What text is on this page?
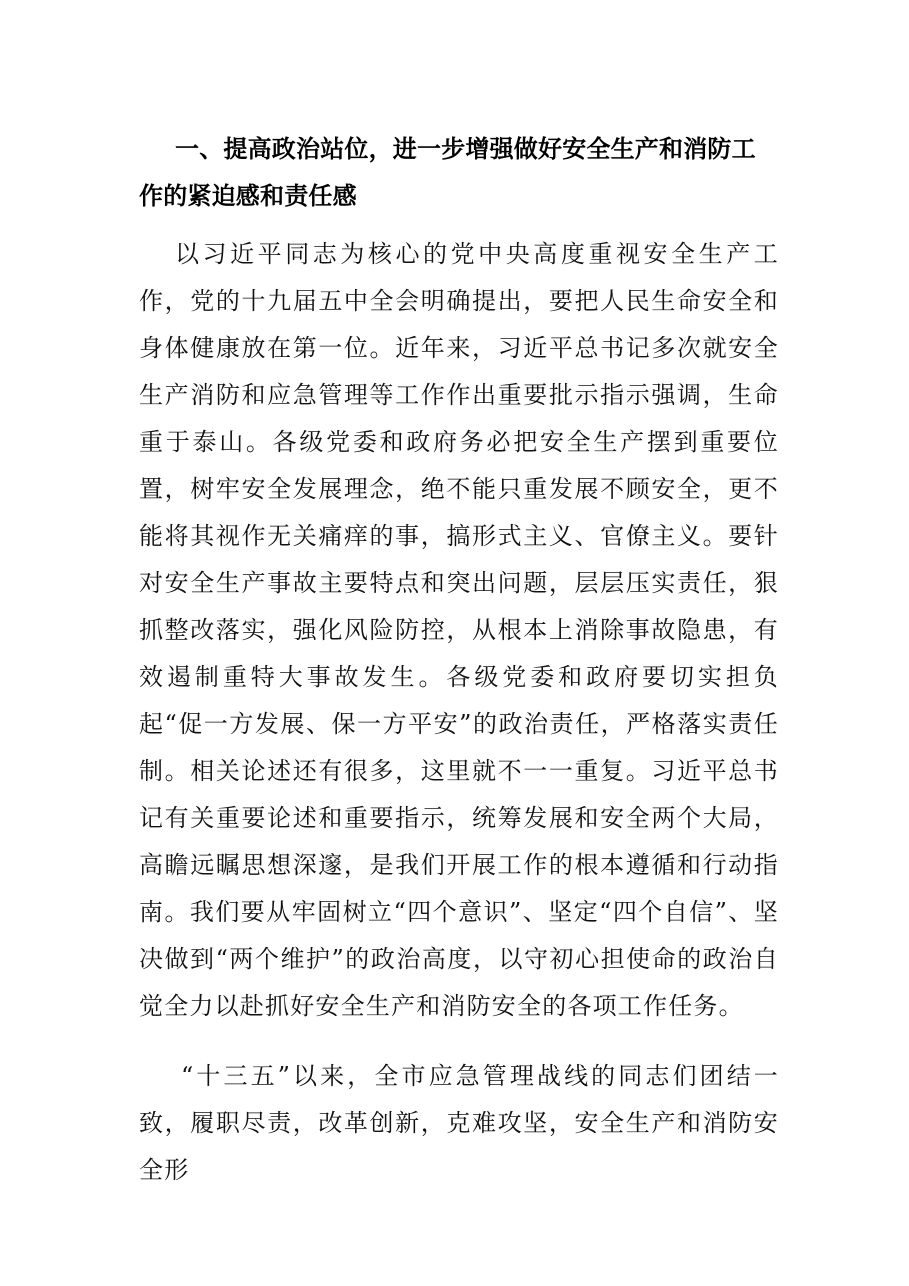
一、提高政治站位，进一步增强做好安全生产和消防工作的紧迫感和责任感

以习近平同志为核心的党中央高度重视安全生产工作，党的十九届五中全会明确提出，要把人民生命安全和身体健康放在第一位。近年来，习近平总书记多次就安全生产消防和应急管理等工作作出重要批示指示强调，生命重于泰山。各级党委和政府务必把安全生产摆到重要位置，树牢安全发展理念，绝不能只重发展不顾安全，更不能将其视作无关痛痒的事，搞形式主义、官僚主义。要针对安全生产事故主要特点和突出问题，层层压实责任，狠抓整改落实，强化风险防控，从根本上消除事故隐患，有效遏制重特大事故发生。各级党委和政府要切实担负起“促一方发展、保一方平安”的政治责任，严格落实责任制。相关论述还有很多，这里就不一一重复。习近平总书记有关重要论述和重要指示，统筹发展和安全两个大局，高瞻远瞩思想深邃，是我们开展工作的根本遵循和行动指南。我们要从牢固树立“四个意识”、坚定“四个自信”、坚决做到“两个维护”的政治高度，以守初心担使命的政治自觉全力以赴抓好安全生产和消防安全的各项工作任务。

“十三五”以来，全市应急管理战线的同志们团结一致，履职尽责，改革创新，克难攻坚，安全生产和消防安全形
